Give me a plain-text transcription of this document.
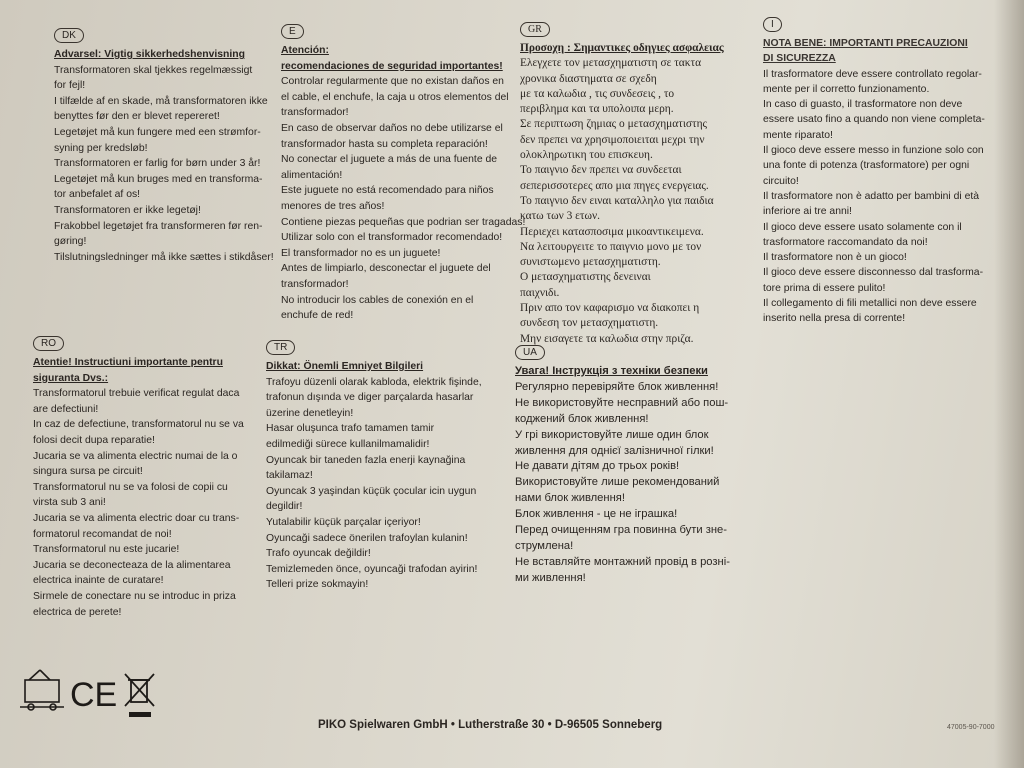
DK
Advarsel: Vigtig sikkerhedshenvisning
Transformatoren skal tjekkes regelmæssigt
for fejl!
I tilfælde af en skade, må transformatoren ikke
benyttes før den er blevet repereret!
Legetøjet må kun fungere med een strømfor-
syning per kredsløb!
Transformatoren er farlig for børn under 3 år!
Legetøjet må kun bruges med en transforma-
tor anbefalet af os!
Transformatoren er ikke legetøj!
Frakobbel legetøjet fra transformeren før ren-
gøring!
Tilslutningsledninger må ikke sættes i stikdåser!
E
Atención:
recomendaciones de seguridad importantes!
Controlar regularmente que no existan daños en
el cable, el enchufe, la caja u otros elementos del
transformador!
En caso de observar daños no debe utilizarse el
transformador hasta su completa reparación!
No conectar el juguete a más de una fuente de
alimentación!
Este juguete no está recomendado para niños
menores de tres años!
Contiene piezas pequeñas que podrian ser tragadas!
Utilizar solo con el transformador recomendado!
El transformador no es un juguete!
Antes de limpiarlo, desconectar el juguete del
transformador!
No introducir los cables de conexión en el
enchufe de red!
GR
Προσοχη : Σημαντικες οδηγιες ασφαλειας
Ελεγχετε τον μετασχηματιστη σε τακτα
χρονικα διαστηματα σε σχεδη
με τα καλωδια , τις συνδεσεις , το
περιβλημα και τα υπολοιπα μερη.
Σε περιπτωση ζημιας ο μετασχηματιστης
δεν πρεπει να χρησιμοποιειται μεχρι την
ολοκληρωτικη του επισκευη.
Το παιγνιο δεν πρεπει να συνδεεται
σεπερισσοτερες απο μια πηγες ενεργειας.
Το παιγνιο δεν ειναι καταλληλο για παιδια
κατω των 3 ετων.
Περιεχει κατασποσιμα μικοαντικειμενα.
Να λειτουργειτε το παιγνιο μονο με τον
συνιστωμενο μετασχηματιστη.
Ο μετασχηματιστης δενειναι
παιχνιδι.
Πριν απο τον καφαρισμο να διακοπει η
συνδεση τον μετασχηματιστη.
Μην εισαγετε τα καλωδια στην πριζα.
I
NOTA BENE: IMPORTANTI PRECAUZIONI
DI SICUREZZA
Il trasformatore deve essere controllato regolar-
mente per il corretto funzionamento.
In caso di guasto, il trasformatore non deve
essere usato fino a quando non viene completa-
mente riparato!
Il gioco deve essere messo in funzione solo con
una fonte di potenza (trasformatore) per ogni
circuito!
Il trasformatore non è adatto per bambini di età
inferiore ai tre anni!
Il gioco deve essere usato solamente con il
trasformatore raccomandato da noi!
Il trasformatore non è un gioco!
Il gioco deve essere disconnesso dal trasforma-
tore prima di essere pulito!
Il collegamento di fili metallici non deve essere
inserito nella presa di corrente!
RO
Atentie! Instructiuni importante pentru
siguranta Dvs.:
Transformatorul trebuie verificat regulat daca
are defectiuni!
In caz de defectiune, transformatorul nu se va
folosi decit dupa reparatie!
Jucaria se va alimenta electric numai de la o
singura sursa pe circuit!
Transformatorul nu se va folosi de copii cu
virsta sub 3 ani!
Jucaria se va alimenta electric doar cu trans-
formatorul recomandat de noi!
Transformatorul nu este jucarie!
Jucaria se deconecteaza de la alimentarea
electrica inainte de curatare!
Sirmele de conectare nu se introduc in priza
electrica de perete!
TR
Dikkat: Önemli Emniyet Bilgileri
Trafoyu düzenli olarak kabloda, elektrik fişinde,
trafonun dışında ve diger parçalarda hasarlar
üzerine denetleyin!
Hasar oluşunca trafo tamamen tamir
edilmediği sürece kullanilmamalidir!
Oyuncak bir taneden fazla enerji kaynağina
takilamaz!
Oyuncak 3 yaşindan küçük çocular icin uygun
degildir!
Yutalabilir küçük parçalar içeriyor!
Oyuncaği sadece önerilen trafoylan kulanin!
Trafo oyuncak değildir!
Temizlemeden önce, oyuncaği trafodan ayirin!
Telleri prize sokmayin!
UA
Увага! Інструкція з техніки безпеки
Регулярно перевіряйте блок живлення!
Не використовуйте несправний або пош-
коджений блок живлення!
У грі використовуйте лише один блок
живлення для однієї залізничної гілки!
Не давати дітям до трьох років!
Використовуйте лише рекомендований
нами блок живлення!
Блок живлення - це не іграшка!
Перед очищенням гра повинна бути зне-
струмлена!
Не вставляйте монтажний провід в розні-
ми живлення!
CE
PIKO Spielwaren GmbH • Lutherstraße 30 • D-96505 Sonneberg	47005-90-7000
